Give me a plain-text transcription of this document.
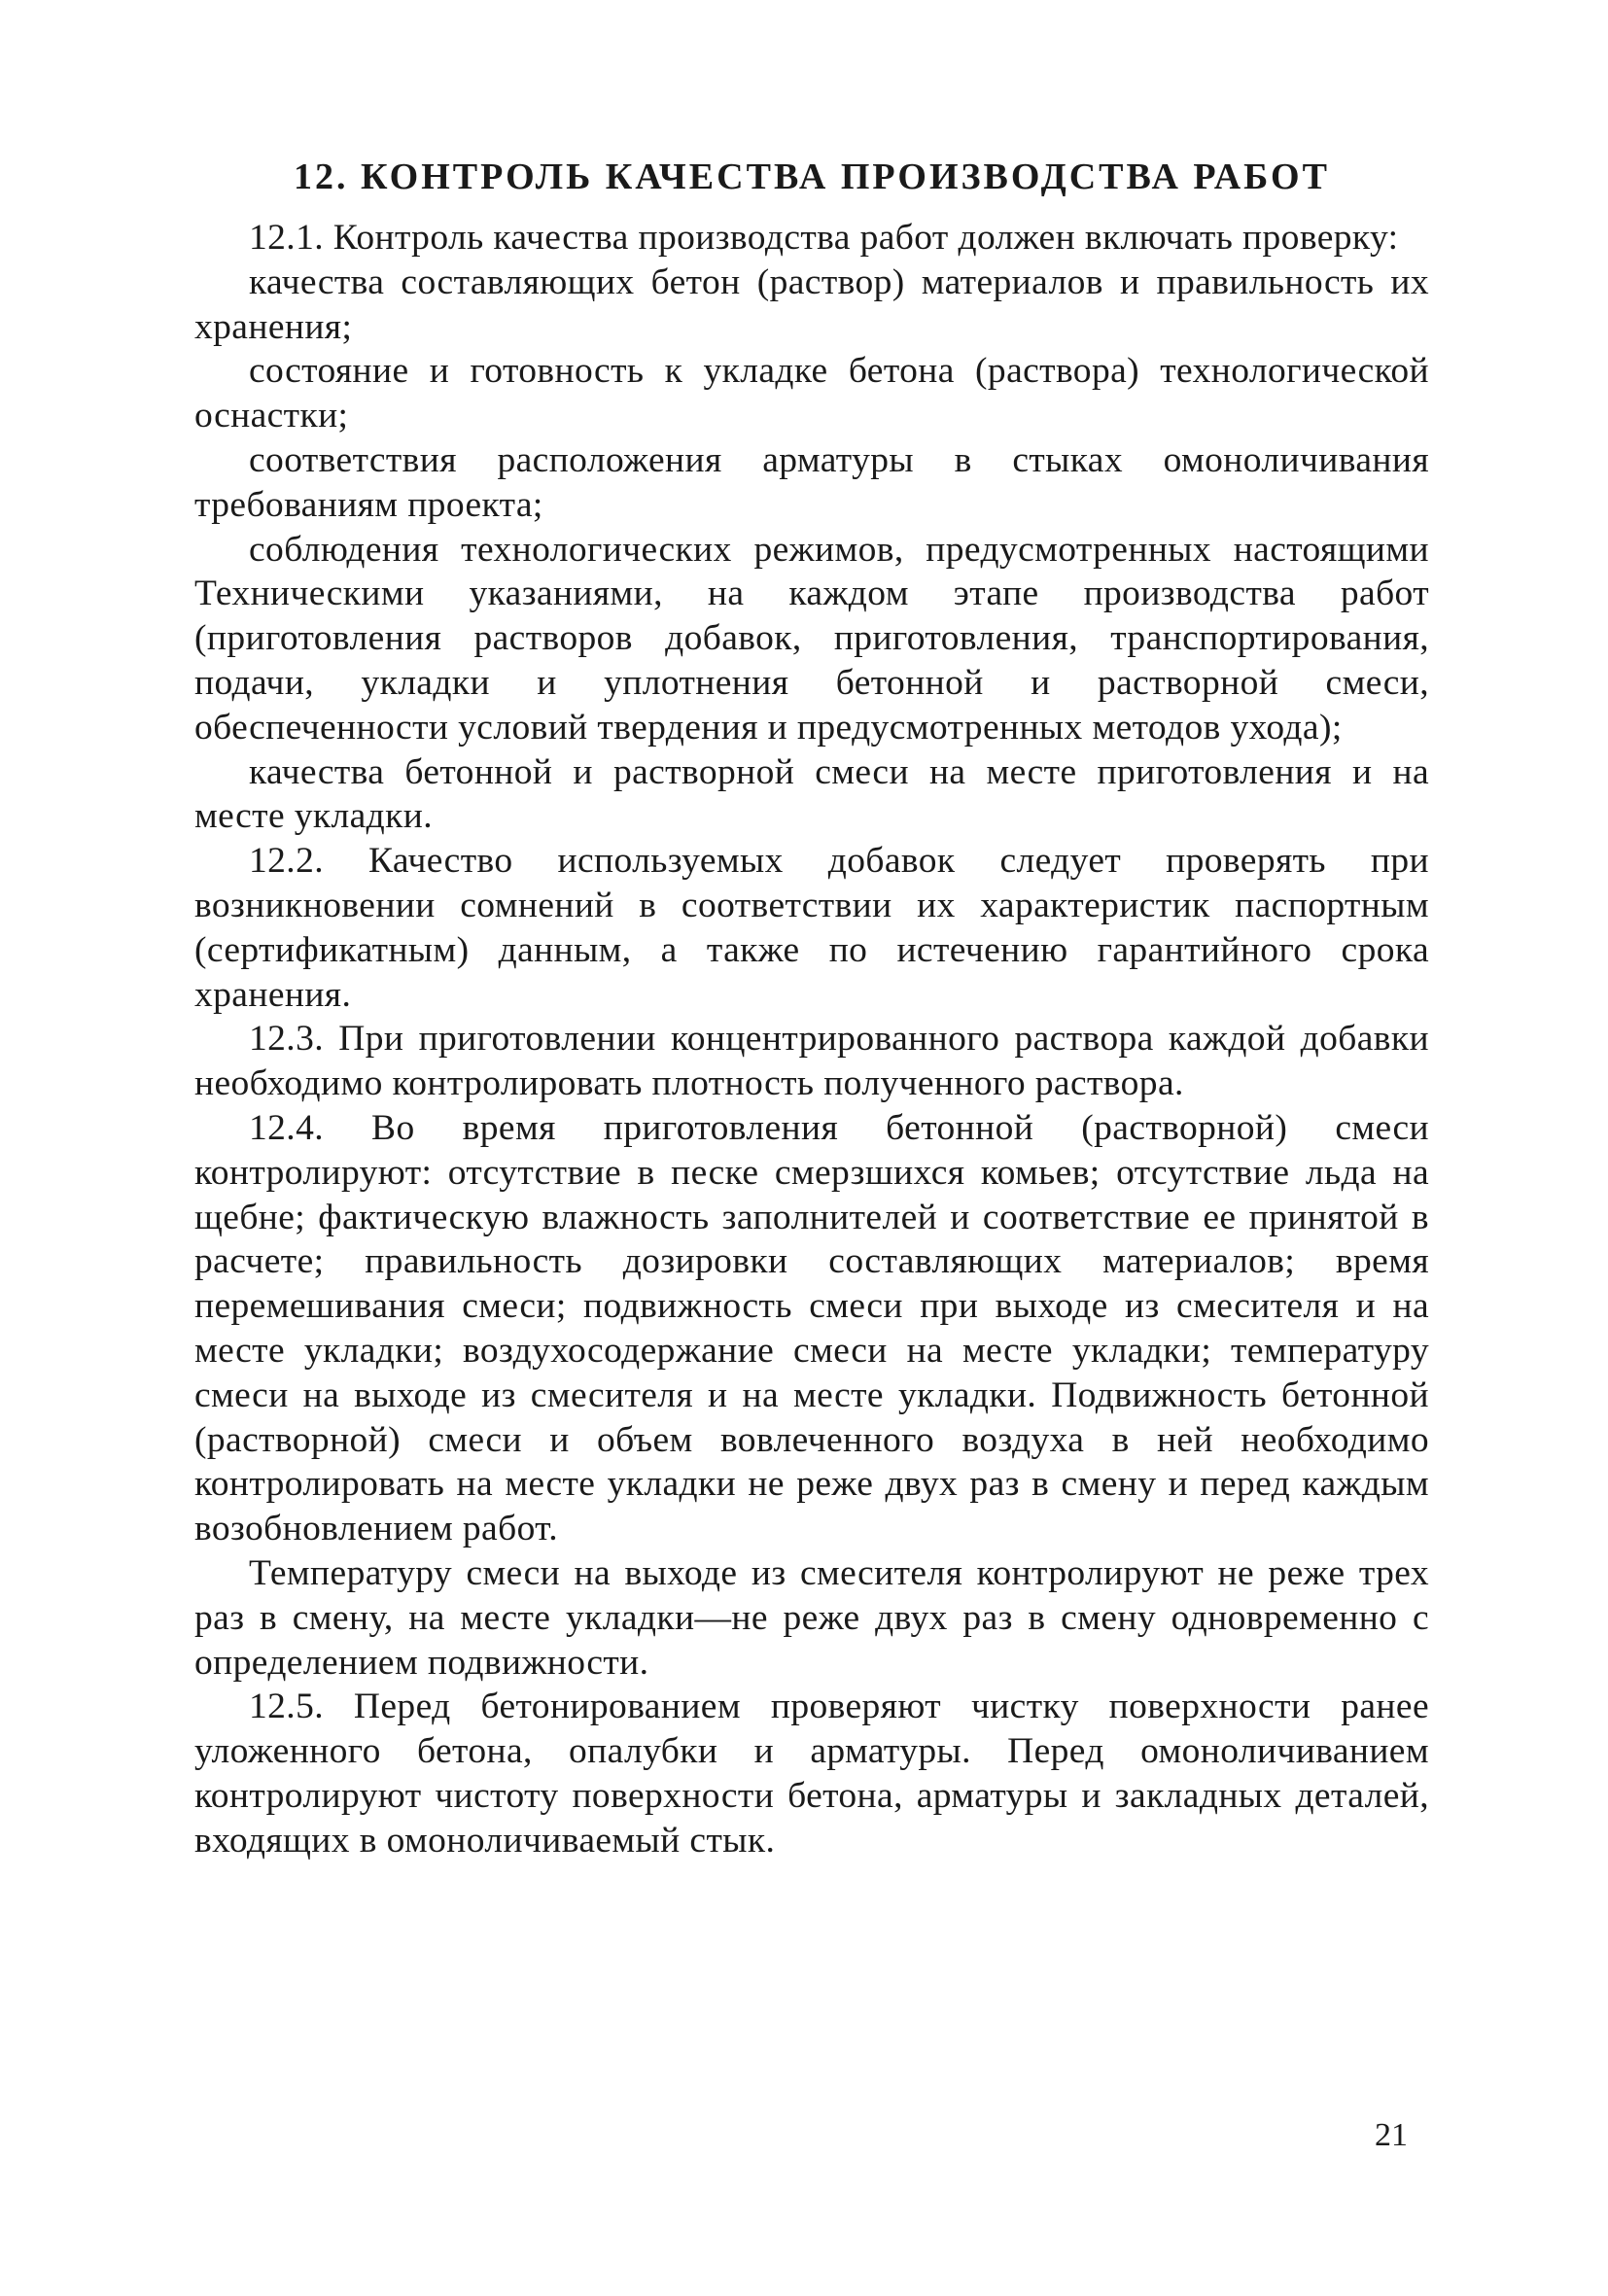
12. КОНТРОЛЬ КАЧЕСТВА ПРОИЗВОДСТВА РАБОТ

12.1. Контроль качества производства работ должен включать проверку:

качества составляющих бетон (раствор) материалов и правильность их хранения;

состояние и готовность к укладке бетона (раствора) технологической оснастки;

соответствия расположения арматуры в стыках омоноличивания требованиям проекта;

соблюдения технологических режимов, предусмотренных настоящими Техническими указаниями, на каждом этапе производства работ (приготовления растворов добавок, приготовления, транспортирования, подачи, укладки и уплотнения бетонной и растворной смеси, обеспеченности условий твердения и предусмотренных методов ухода);

качества бетонной и растворной смеси на месте приготовления и на месте укладки.

12.2. Качество используемых добавок следует проверять при возникновении сомнений в соответствии их характеристик паспортным (сертификатным) данным, а также по истечению гарантийного срока хранения.

12.3. При приготовлении концентрированного раствора каждой добавки необходимо контролировать плотность полученного раствора.

12.4. Во время приготовления бетонной (растворной) смеси контролируют: отсутствие в песке смерзшихся комьев; отсутствие льда на щебне; фактическую влажность заполнителей и соответствие ее принятой в расчете; правильность дозировки составляющих материалов; время перемешивания смеси; подвижность смеси при выходе из смесителя и на месте укладки; воздухосодержание смеси на месте укладки; температуру смеси на выходе из смесителя и на месте укладки. Подвижность бетонной (растворной) смеси и объем вовлеченного воздуха в ней необходимо контролировать на месте укладки не реже двух раз в смену и перед каждым возобновлением работ.

Температуру смеси на выходе из смесителя контролируют не реже трех раз в смену, на месте укладки—не реже двух раз в смену одновременно с определением подвижности.

12.5. Перед бетонированием проверяют чистку поверхности ранее уложенного бетона, опалубки и арматуры. Перед омоноличиванием контролируют чистоту поверхности бетона, арматуры и закладных деталей, входящих в омоноличиваемый стык.

21
